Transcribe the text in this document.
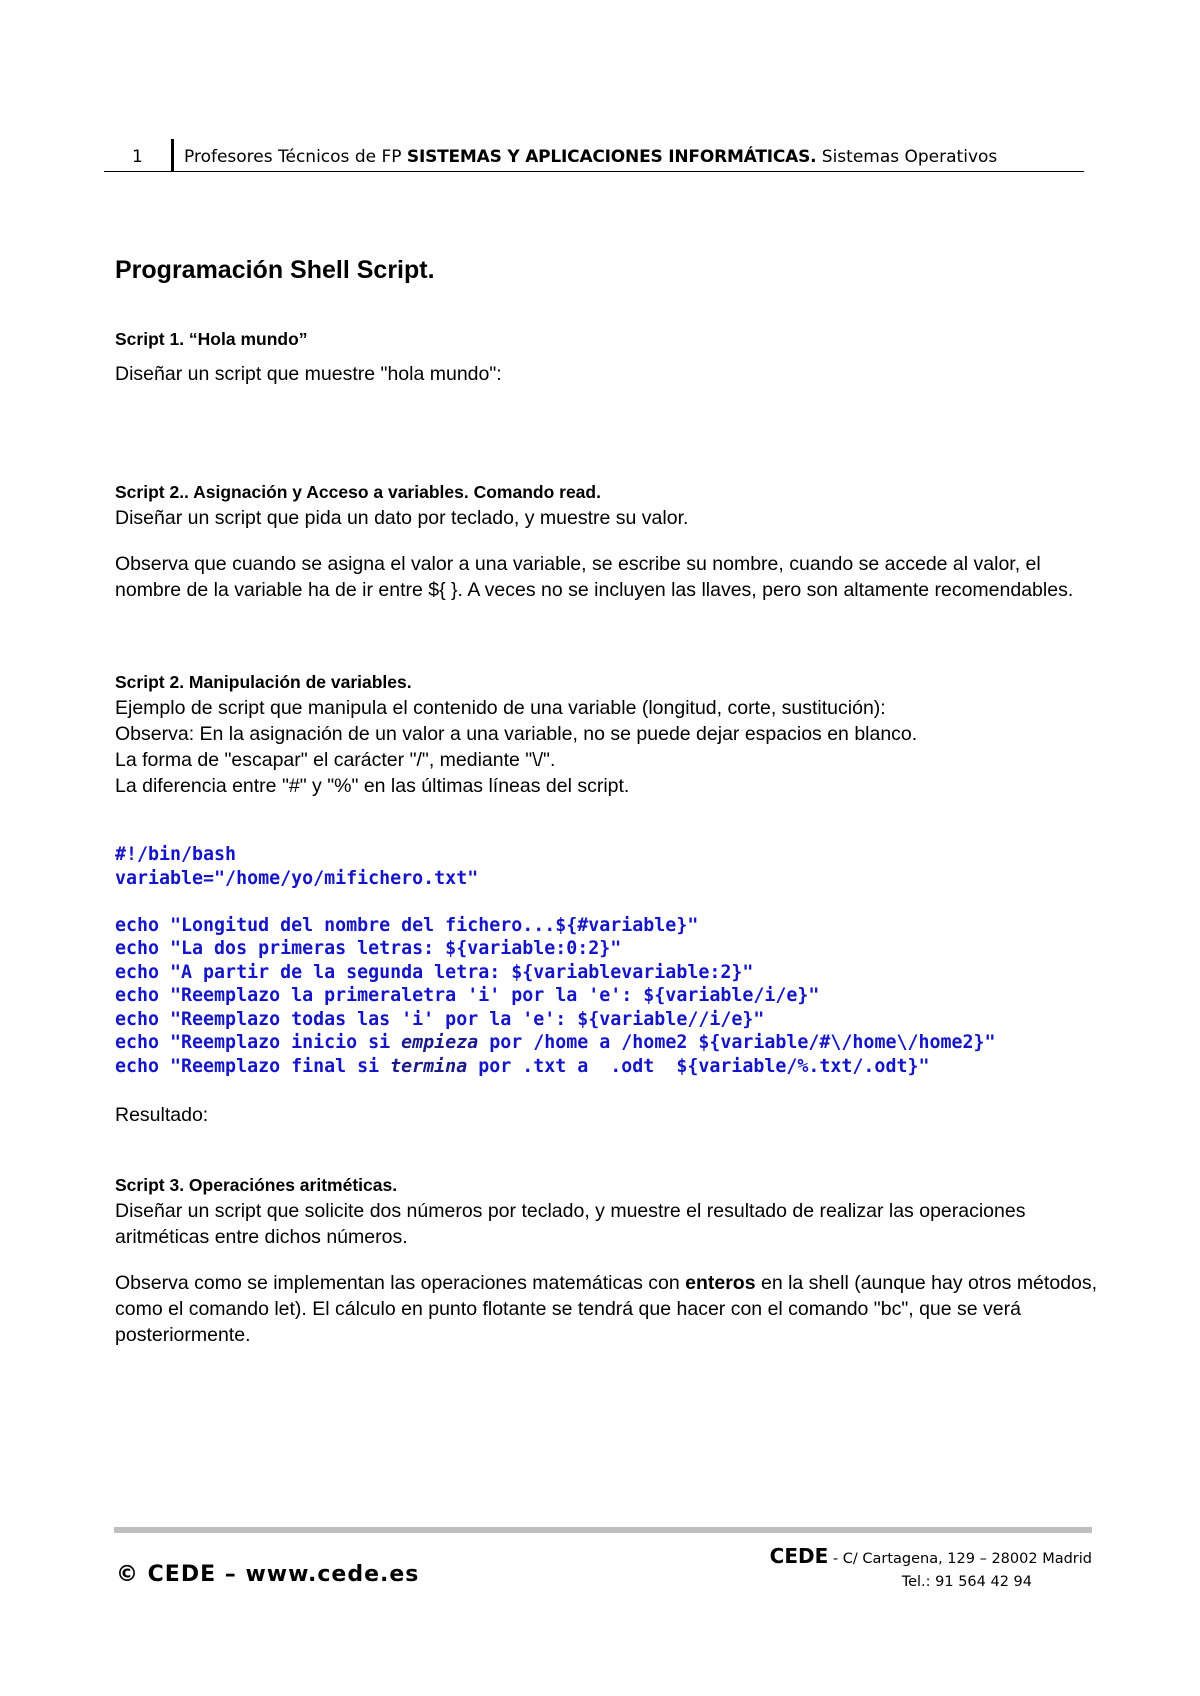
1 Profesores Técnicos de FP SISTEMAS Y APLICACIONES INFORMÁTICAS. Sistemas Operativos
Programación Shell Script.

Script 1. “Hola mundo”

Diseñar un script que muestre "hola mundo":

Script 2.. Asignación y Acceso a variables. Comando read.

Diseñar un script que pida un dato por teclado, y muestre su valor.

Observa que cuando se asigna el valor a una variable, se escribe su nombre, cuando se accede al valor, el nombre de la variable ha de ir entre ${ }. A veces no se incluyen las llaves, pero son altamente recomendables.

Script 2. Manipulación de variables.

Ejemplo de script que manipula el contenido de una variable (longitud, corte, sustitución):

Observa: En la asignación de un valor a una variable, no se puede dejar espacios en blanco.

La forma de "escapar" el carácter "/", mediante "\/".

La diferencia entre "#" y "%" en las últimas líneas del script.

#!/bin/bash
variable="/home/yo/mifichero.txt"
echo "Longitud del nombre del fichero...${#variable}"
echo "La dos primeras letras: ${variable:0:2}"
echo "A partir de la segunda letra: ${variablevariable:2}"
echo "Reemplazo la primeraletra 'i' por la 'e': ${variable/i/e}"
echo "Reemplazo todas las 'i' por la 'e': ${variable//i/e}"
echo "Reemplazo inicio si empieza por /home a /home2 ${variable/#\/home\/home2}"
echo "Reemplazo final si termina por .txt a  .odt  ${variable/%.txt/.odt}"

Resultado:

Script 3. Operaciónes aritméticas.

Diseñar un script que solicite dos números por teclado, y muestre el resultado de realizar las operaciones aritméticas entre dichos números.

Observa como se implementan las operaciones matemáticas con enteros en la shell (aunque hay otros métodos, como el comando let). El cálculo en punto flotante se tendrá que hacer con el comando "bc", que se verá posteriormente.

© CEDE – www.cede.es
CEDE - C/ Cartagena, 129 – 28002 Madrid
Tel.: 91 564 42 94
